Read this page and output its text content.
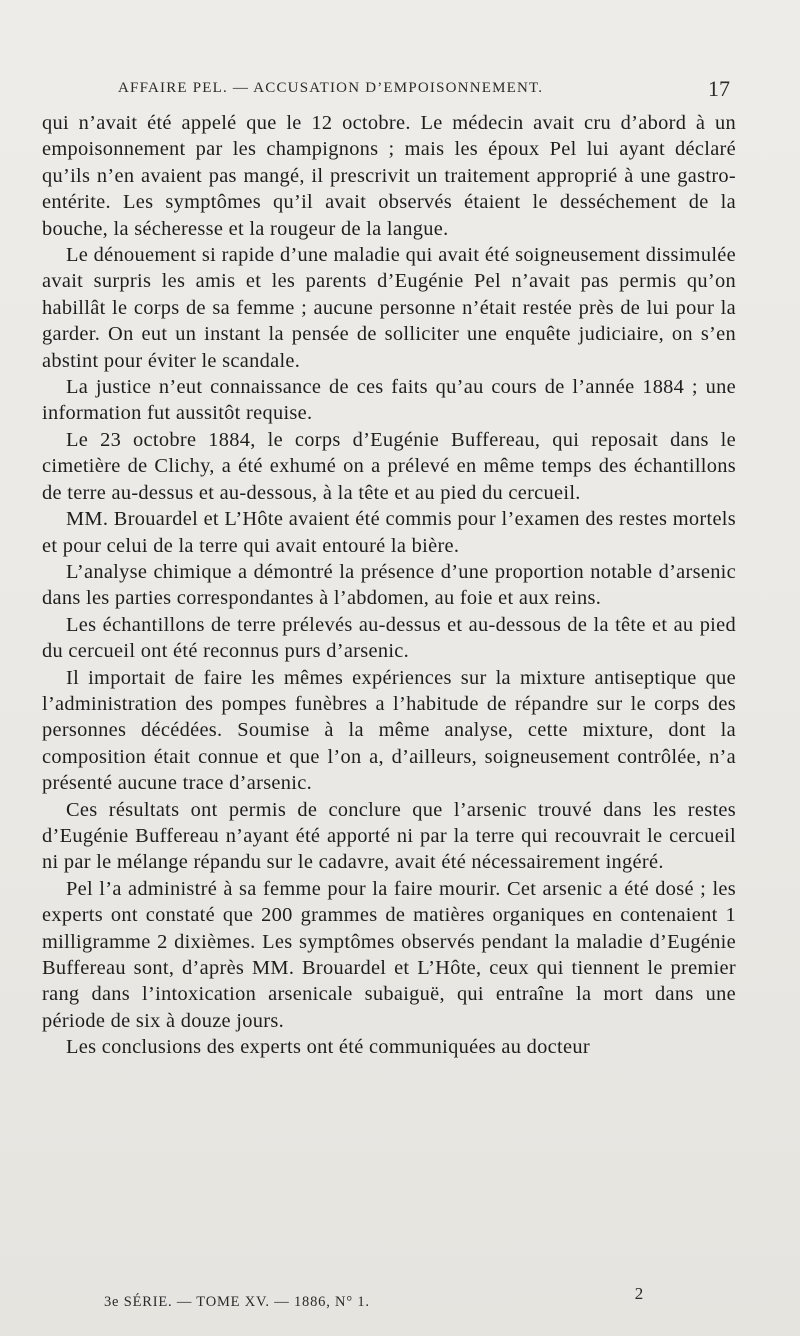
AFFAIRE PEL. — ACCUSATION D’EMPOISONNEMENT.	17

qui n’avait été appelé que le 12 octobre. Le médecin avait cru d’abord à un empoisonnement par les champignons ; mais les époux Pel lui ayant déclaré qu’ils n’en avaient pas mangé, il prescrivit un traitement approprié à une gastro-entérite. Les symptômes qu’il avait observés étaient le desséchement de la bouche, la sécheresse et la rougeur de la langue.

Le dénouement si rapide d’une maladie qui avait été soigneusement dissimulée avait surpris les amis et les parents d’Eugénie Pel n’avait pas permis qu’on habillât le corps de sa femme ; aucune personne n’était restée près de lui pour la garder. On eut un instant la pensée de solliciter une enquête judiciaire, on s’en abstint pour éviter le scandale.

La justice n’eut connaissance de ces faits qu’au cours de l’année 1884 ; une information fut aussitôt requise.

Le 23 octobre 1884, le corps d’Eugénie Buffereau, qui reposait dans le cimetière de Clichy, a été exhumé on a prélevé en même temps des échantillons de terre au-dessus et au-dessous, à la tête et au pied du cercueil.

MM. Brouardel et L’Hôte avaient été commis pour l’examen des restes mortels et pour celui de la terre qui avait entouré la bière.

L’analyse chimique a démontré la présence d’une proportion notable d’arsenic dans les parties correspondantes à l’abdomen, au foie et aux reins.

Les échantillons de terre prélevés au-dessus et au-dessous de la tête et au pied du cercueil ont été reconnus purs d’arsenic.

Il importait de faire les mêmes expériences sur la mixture antiseptique que l’administration des pompes funèbres a l’habitude de répandre sur le corps des personnes décédées. Soumise à la même analyse, cette mixture, dont la composition était connue et que l’on a, d’ailleurs, soigneusement contrôlée, n’a présenté aucune trace d’arsenic.

Ces résultats ont permis de conclure que l’arsenic trouvé dans les restes d’Eugénie Buffereau n’ayant été apporté ni par la terre qui recouvrait le cercueil ni par le mélange répandu sur le cadavre, avait été nécessairement ingéré.

Pel l’a administré à sa femme pour la faire mourir. Cet arsenic a été dosé ; les experts ont constaté que 200 grammes de matières organiques en contenaient 1 milligramme 2 dixièmes. Les symptômes observés pendant la maladie d’Eugénie Buffereau sont, d’après MM. Brouardel et L’Hôte, ceux qui tiennent le premier rang dans l’intoxication arsenicale subaiguë, qui entraîne la mort dans une période de six à douze jours.

Les conclusions des experts ont été communiquées au docteur

3e SÉRIE. — TOME XV. — 1886, N° 1.	2
